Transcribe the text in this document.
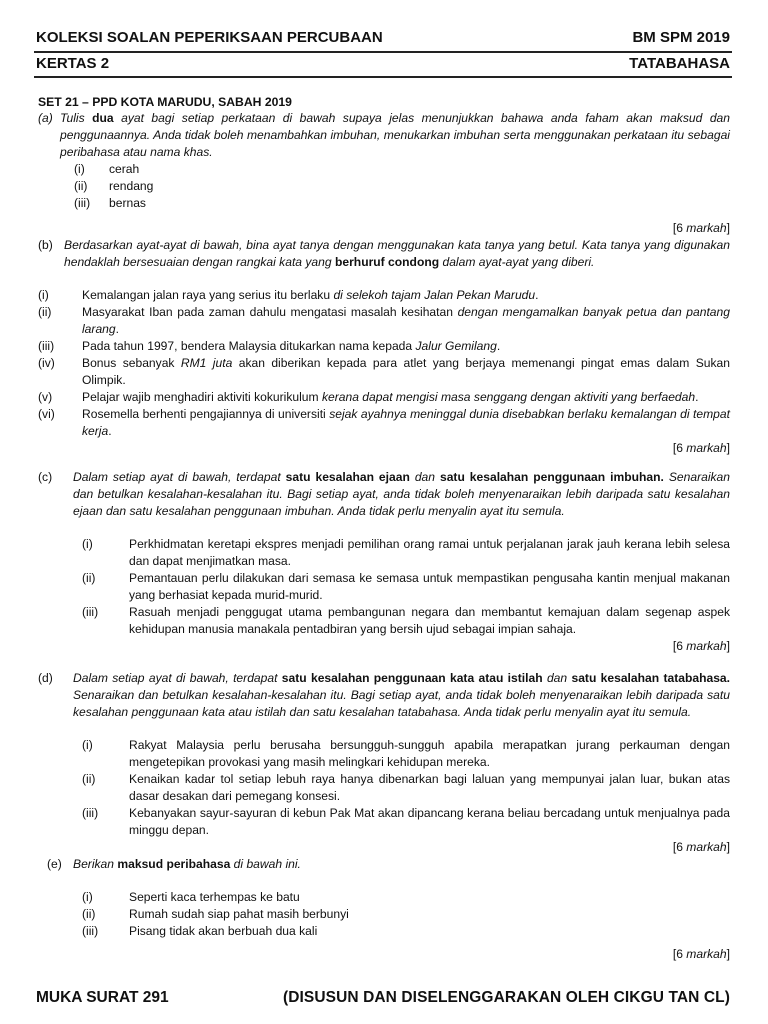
KOLEKSI SOALAN PEPERIKSAAN PERCUBAAN	BM SPM 2019
KERTAS 2	TATABAHASA
SET 21 – PPD KOTA MARUDU, SABAH 2019
(a) Tulis dua ayat bagi setiap perkataan di bawah supaya jelas menunjukkan bahawa anda faham akan maksud dan penggunaannya. Anda tidak boleh menambahkan imbuhan, menukarkan imbuhan serta menggunakan perkataan itu sebagai peribahasa atau nama khas.
(i)	cerah
(ii)	rendang
(iii)	bernas
[6 markah]
(b) Berdasarkan ayat-ayat di bawah, bina ayat tanya dengan menggunakan kata tanya yang betul. Kata tanya yang digunakan hendaklah bersesuaian dengan rangkai kata yang berhuruf condong dalam ayat-ayat yang diberi.
(i)	Kemalangan jalan raya yang serius itu berlaku di selekoh tajam Jalan Pekan Marudu.
(ii)	Masyarakat Iban pada zaman dahulu mengatasi masalah kesihatan dengan mengamalkan banyak petua dan pantang larang.
(iii)	Pada tahun 1997, bendera Malaysia ditukarkan nama kepada Jalur Gemilang.
(iv)	Bonus sebanyak RM1 juta akan diberikan kepada para atlet yang berjaya memenangi pingat emas dalam Sukan Olimpik.
(v)	Pelajar wajib menghadiri aktiviti kokurikulum kerana dapat mengisi masa senggang dengan aktiviti yang berfaedah.
(vi)	Rosemella berhenti pengajiannya di universiti sejak ayahnya meninggal dunia disebabkan berlaku kemalangan di tempat kerja.
[6 markah]
(c)	Dalam setiap ayat di bawah, terdapat satu kesalahan ejaan dan satu kesalahan penggunaan imbuhan. Senaraikan dan betulkan kesalahan-kesalahan itu. Bagi setiap ayat, anda tidak boleh menyenaraikan lebih daripada satu kesalahan ejaan dan satu kesalahan penggunaan imbuhan. Anda tidak perlu menyalin ayat itu semula.
(i)	Perkhidmatan keretapi ekspres menjadi pemilihan orang ramai untuk perjalanan jarak jauh kerana lebih selesa dan dapat menjimatkan masa.
(ii)	Pemantauan perlu dilakukan dari semasa ke semasa untuk mempastikan pengusaha kantin menjual makanan yang berhasiat kepada murid-murid.
(iii)	Rasuah menjadi penggugat utama pembangunan negara dan membantut kemajuan dalam segenap aspek kehidupan manusia manakala pentadbiran yang bersih ujud sebagai impian sahaja.
[6 markah]
(d)	Dalam setiap ayat di bawah, terdapat satu kesalahan penggunaan kata atau istilah dan satu kesalahan tatabahasa. Senaraikan dan betulkan kesalahan-kesalahan itu. Bagi setiap ayat, anda tidak boleh menyenaraikan lebih daripada satu kesalahan penggunaan kata atau istilah dan satu kesalahan tatabahasa. Anda tidak perlu menyalin ayat itu semula.
(i)	Rakyat Malaysia perlu berusaha bersungguh-sungguh apabila merapatkan jurang perkauman dengan mengetepikan provokasi yang masih melingkari kehidupan mereka.
(ii)	Kenaikan kadar tol setiap lebuh raya hanya dibenarkan bagi laluan yang mempunyai jalan luar, bukan atas dasar desakan dari pemegang konsesi.
(iii)	Kebanyakan sayur-sayuran di kebun Pak Mat akan dipancang kerana beliau bercadang untuk menjualnya pada minggu depan.
[6 markah]
(e) Berikan maksud peribahasa di bawah ini.
(i)	Seperti kaca terhempas ke batu
(ii)	Rumah sudah siap pahat masih berbunyi
(iii)	Pisang tidak akan berbuah dua kali
[6 markah]
MUKA SURAT 291	(DISUSUN DAN DISELENGGARAKAN OLEH CIKGU TAN CL)
